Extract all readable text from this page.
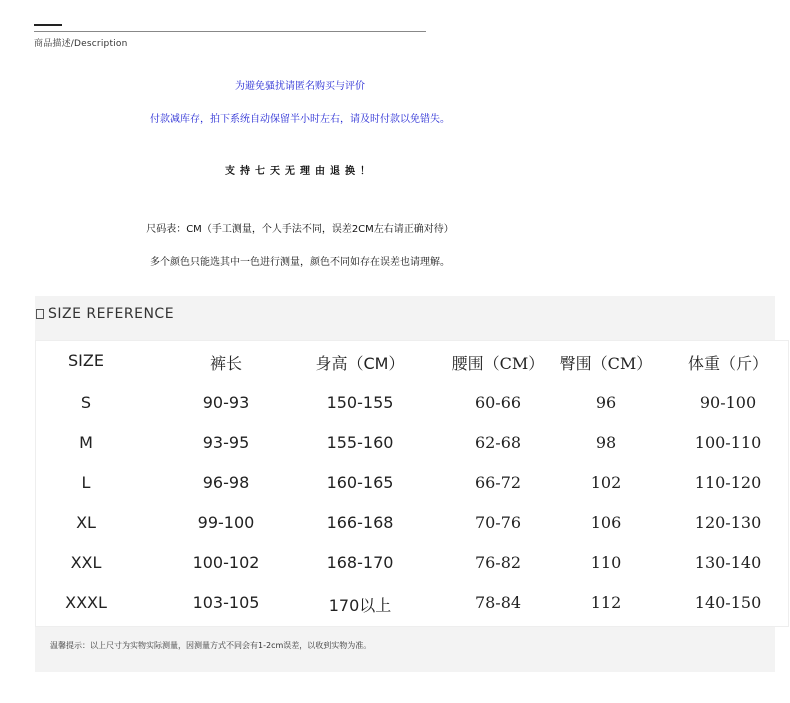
商品描述/Description
为避免骚扰请匿名购买与评价
付款减库存，拍下系统自动保留半小时左右，请及时付款以免错失。
支持七天无理由退换！
尺码表：CM（手工测量，个人手法不同，误差2CM左右请正确对待）
多个颜色只能选其中一色进行测量，颜色不同如存在误差也请理解。
SIZE REFERENCE
SIZE	裤长	身高（CM）	腰围（CM） 臀围（CM） 体重（斤）
S	90-93	150-155	60-66	96	90-100
M	93-95	155-160	62-68	98	100-110
L	96-98	160-165	66-72	102	110-120
XL	99-100	166-168	70-76	106	120-130
XXL	100-102	168-170	76-82	110	130-140
XXXL	103-105	170以上	78-84	112	140-150
温馨提示：以上尺寸为实物实际测量，因测量方式不同会有1-2cm误差，以收到实物为准。
